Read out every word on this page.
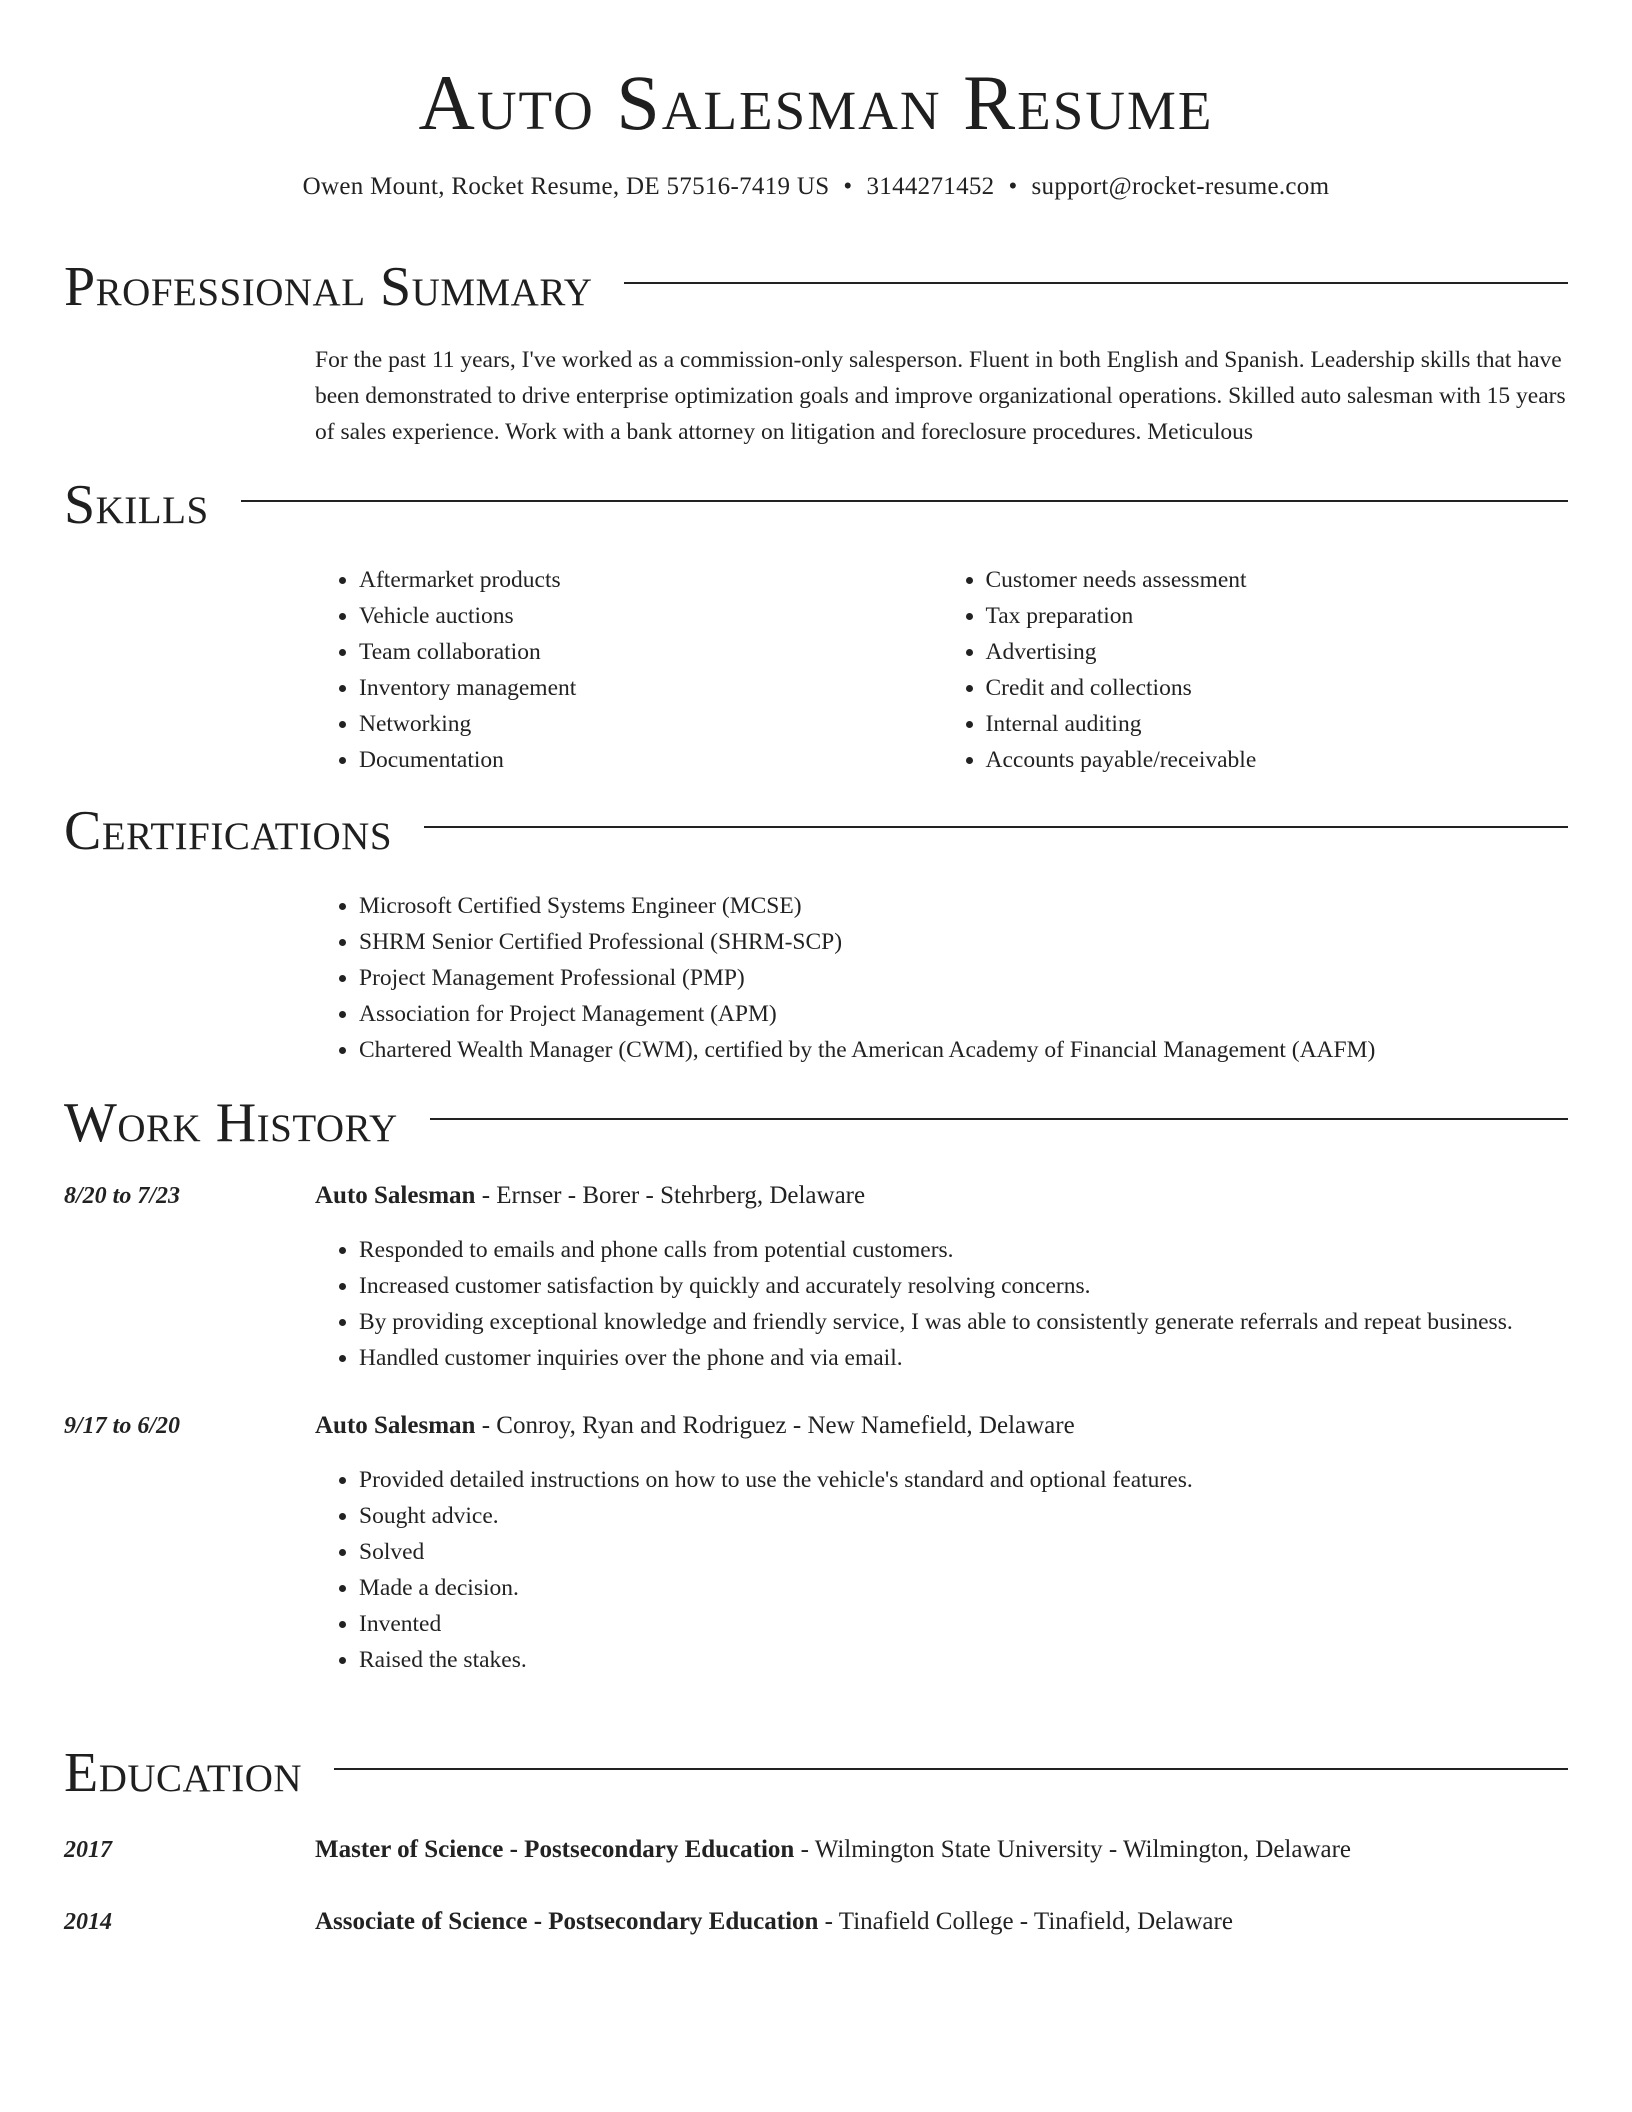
Auto Salesman Resume
Owen Mount, Rocket Resume, DE 57516-7419 US • 3144271452 • support@rocket-resume.com
Professional Summary

For the past 11 years, I've worked as a commission-only salesperson. Fluent in both English and Spanish. Leadership skills that have been demonstrated to drive enterprise optimization goals and improve organizational operations. Skilled auto salesman with 15 years of sales experience. Work with a bank attorney on litigation and foreclosure procedures. Meticulous

Skills
• Aftermarket products
• Vehicle auctions
• Team collaboration
• Inventory management
• Networking
• Documentation
• Customer needs assessment
• Tax preparation
• Advertising
• Credit and collections
• Internal auditing
• Accounts payable/receivable
Certifications
• Microsoft Certified Systems Engineer (MCSE)
• SHRM Senior Certified Professional (SHRM-SCP)
• Project Management Professional (PMP)
• Association for Project Management (APM)
• Chartered Wealth Manager (CWM), certified by the American Academy of Financial Management (AAFM)
Work History
8/20 to 7/23	Auto Salesman - Ernser - Borer - Stehrberg, Delaware
• Responded to emails and phone calls from potential customers.
• Increased customer satisfaction by quickly and accurately resolving concerns.
• By providing exceptional knowledge and friendly service, I was able to consistently generate referrals and repeat business.
• Handled customer inquiries over the phone and via email.
9/17 to 6/20	Auto Salesman - Conroy, Ryan and Rodriguez - New Namefield, Delaware
• Provided detailed instructions on how to use the vehicle's standard and optional features.
• Sought advice.
• Solved
• Made a decision.
• Invented
• Raised the stakes.
Education
2017	Master of Science - Postsecondary Education - Wilmington State University - Wilmington, Delaware
2014	Associate of Science - Postsecondary Education - Tinafield College - Tinafield, Delaware
